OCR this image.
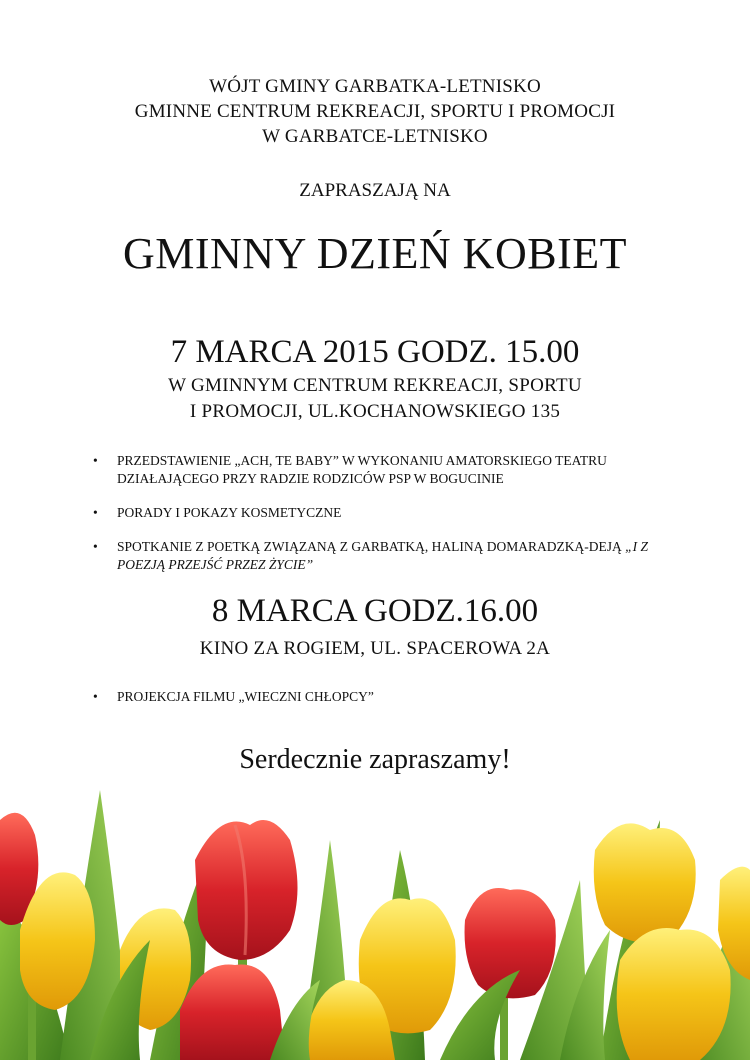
WÓJT GMINY GARBATKA-LETNISKO
GMINNE CENTRUM REKREACJI, SPORTU I PROMOCJI
W GARBATCE-LETNISKO
ZAPRASZAJĄ NA
GMINNY DZIEŃ KOBIET
7 MARCA 2015 GODZ. 15.00
W GMINNYM CENTRUM REKREACJI, SPORTU
I PROMOCJI, UL.KOCHANOWSKIEGO 135
• PRZEDSTAWIENIE „ACH, TE BABY” W WYKONANIU AMATORSKIEGO TEATRU DZIAŁAJĄCEGO PRZY RADZIE RODZICÓW PSP W BOGUCINIE
• PORADY I POKAZY KOSMETYCZNE
• SPOTKANIE Z POETKĄ ZWIĄZANĄ Z GARBATKĄ, HALINĄ DOMARADZKĄ-DEJĄ „I Z POEZJĄ PRZEJŚĆ PRZEZ ŻYCIE”
8 MARCA GODZ.16.00
KINO ZA ROGIEM, UL. SPACEROWA 2A
• PROJEKCJA FILMU „WIECZNI CHŁOPCY”
Serdecznie zapraszamy!
